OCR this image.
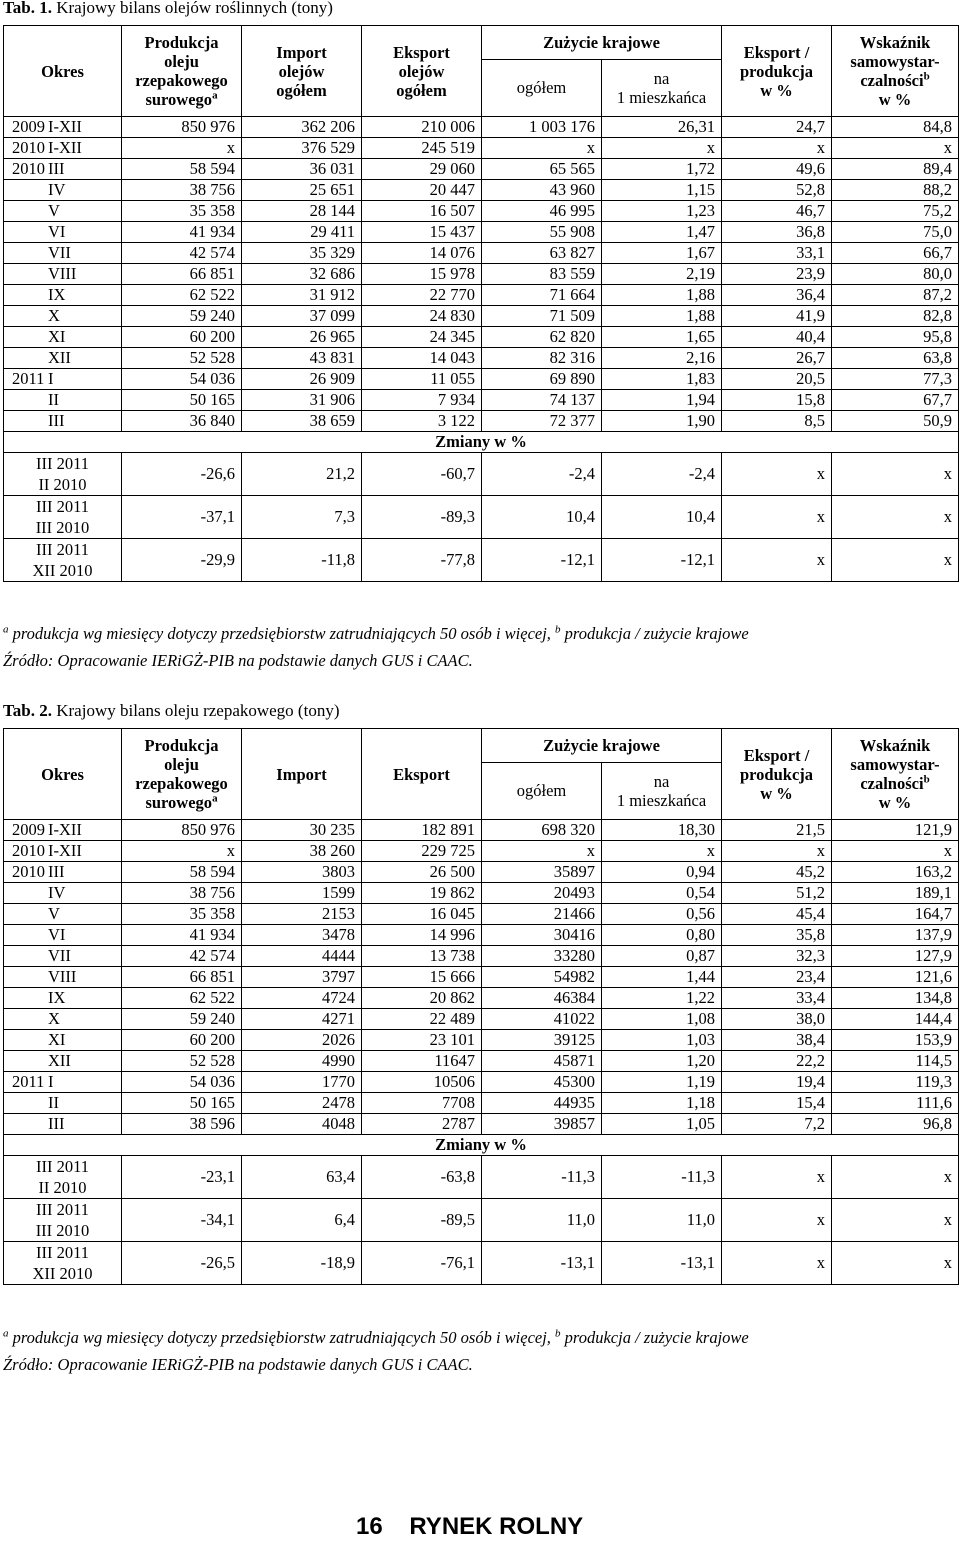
Tab. 1. Krajowy bilans olejów roślinnych (tony)
Okres	Produkcja
oleju
rzepakowego
surowego$^a$	Import
olejów
ogółem	Eksport
olejów
ogółem	Zużycie krajowe		Eksport /
produkcja
w %	Wskaźnik
samowystar-
czalności$^b$
w %
				ogółem	na
1 mieszkańca		
2009 I-XII	850 976	362 206	210 006	1 003 176	26,31	24,7	84,8
2010 I-XII	x	376 529	245 519	x	x	x	x
2010 III	58 594	36 031	29 060	65 565	1,72	49,6	89,4
IV	38 756	25 651	20 447	43 960	1,15	52,8	88,2
V	35 358	28 144	16 507	46 995	1,23	46,7	75,2
VI	41 934	29 411	15 437	55 908	1,47	36,8	75,0
VII	42 574	35 329	14 076	63 827	1,67	33,1	66,7
VIII	66 851	32 686	15 978	83 559	2,19	23,9	80,0
IX	62 522	31 912	22 770	71 664	1,88	36,4	87,2
X	59 240	37 099	24 830	71 509	1,88	41,9	82,8
XI	60 200	26 965	24 345	62 820	1,65	40,4	95,8
XII	52 528	43 831	14 043	82 316	2,16	26,7	63,8
2011 I	54 036	26 909	11 055	69 890	1,83	20,5	77,3
II	50 165	31 906	7 934	74 137	1,94	15,8	67,7
III	36 840	38 659	3 122	72 377	1,90	8,5	50,9
Zmiany w %							
III 2011
II 2010	-26,6	21,2	-60,7	-2,4	-2,4	x	x
III 2011
III 2010	-37,1	7,3	-89,3	10,4	10,4	x	x
III 2011
XII 2010	-29,9	-11,8	-77,8	-12,1	-12,1	x	x
$^a$ produkcja wg miesięcy dotyczy przedsiębiorstw zatrudniających 50 osób i więcej, $^b$ produkcja / zużycie krajowe
Źródło: Opracowanie IERiGŻ-PIB na podstawie danych GUS i CAAC.
Tab. 2. Krajowy bilans oleju rzepakowego (tony)
Okres	Produkcja
oleju
rzepakowego
surowego$^a$	Import	Eksport	Zużycie krajowe		Eksport /
produkcja
w %	Wskaźnik
samowystar-
czalności$^b$
w %
				ogółem	na
1 mieszkańca		
2009 I-XII	850 976	30 235	182 891	698 320	18,30	21,5	121,9
2010 I-XII	x	38 260	229 725	x	x	x	x
2010 III	58 594	3803	26 500	35897	0,94	45,2	163,2
IV	38 756	1599	19 862	20493	0,54	51,2	189,1
V	35 358	2153	16 045	21466	0,56	45,4	164,7
VI	41 934	3478	14 996	30416	0,80	35,8	137,9
VII	42 574	4444	13 738	33280	0,87	32,3	127,9
VIII	66 851	3797	15 666	54982	1,44	23,4	121,6
IX	62 522	4724	20 862	46384	1,22	33,4	134,8
X	59 240	4271	22 489	41022	1,08	38,0	144,4
XI	60 200	2026	23 101	39125	1,03	38,4	153,9
XII	52 528	4990	11647	45871	1,20	22,2	114,5
2011 I	54 036	1770	10506	45300	1,19	19,4	119,3
II	50 165	2478	7708	44935	1,18	15,4	111,6
III	38 596	4048	2787	39857	1,05	7,2	96,8
Zmiany w %							
III 2011
II 2010	-23,1	63,4	-63,8	-11,3	-11,3	x	x
III 2011
III 2010	-34,1	6,4	-89,5	11,0	11,0	x	x
III 2011
XII 2010	-26,5	-18,9	-76,1	-13,1	-13,1	x	x
$^a$ produkcja wg miesięcy dotyczy przedsiębiorstw zatrudniających 50 osób i więcej, $^b$ produkcja / zużycie krajowe
Źródło: Opracowanie IERiGŻ-PIB na podstawie danych GUS i CAAC.
16    RYNEK ROLNY
